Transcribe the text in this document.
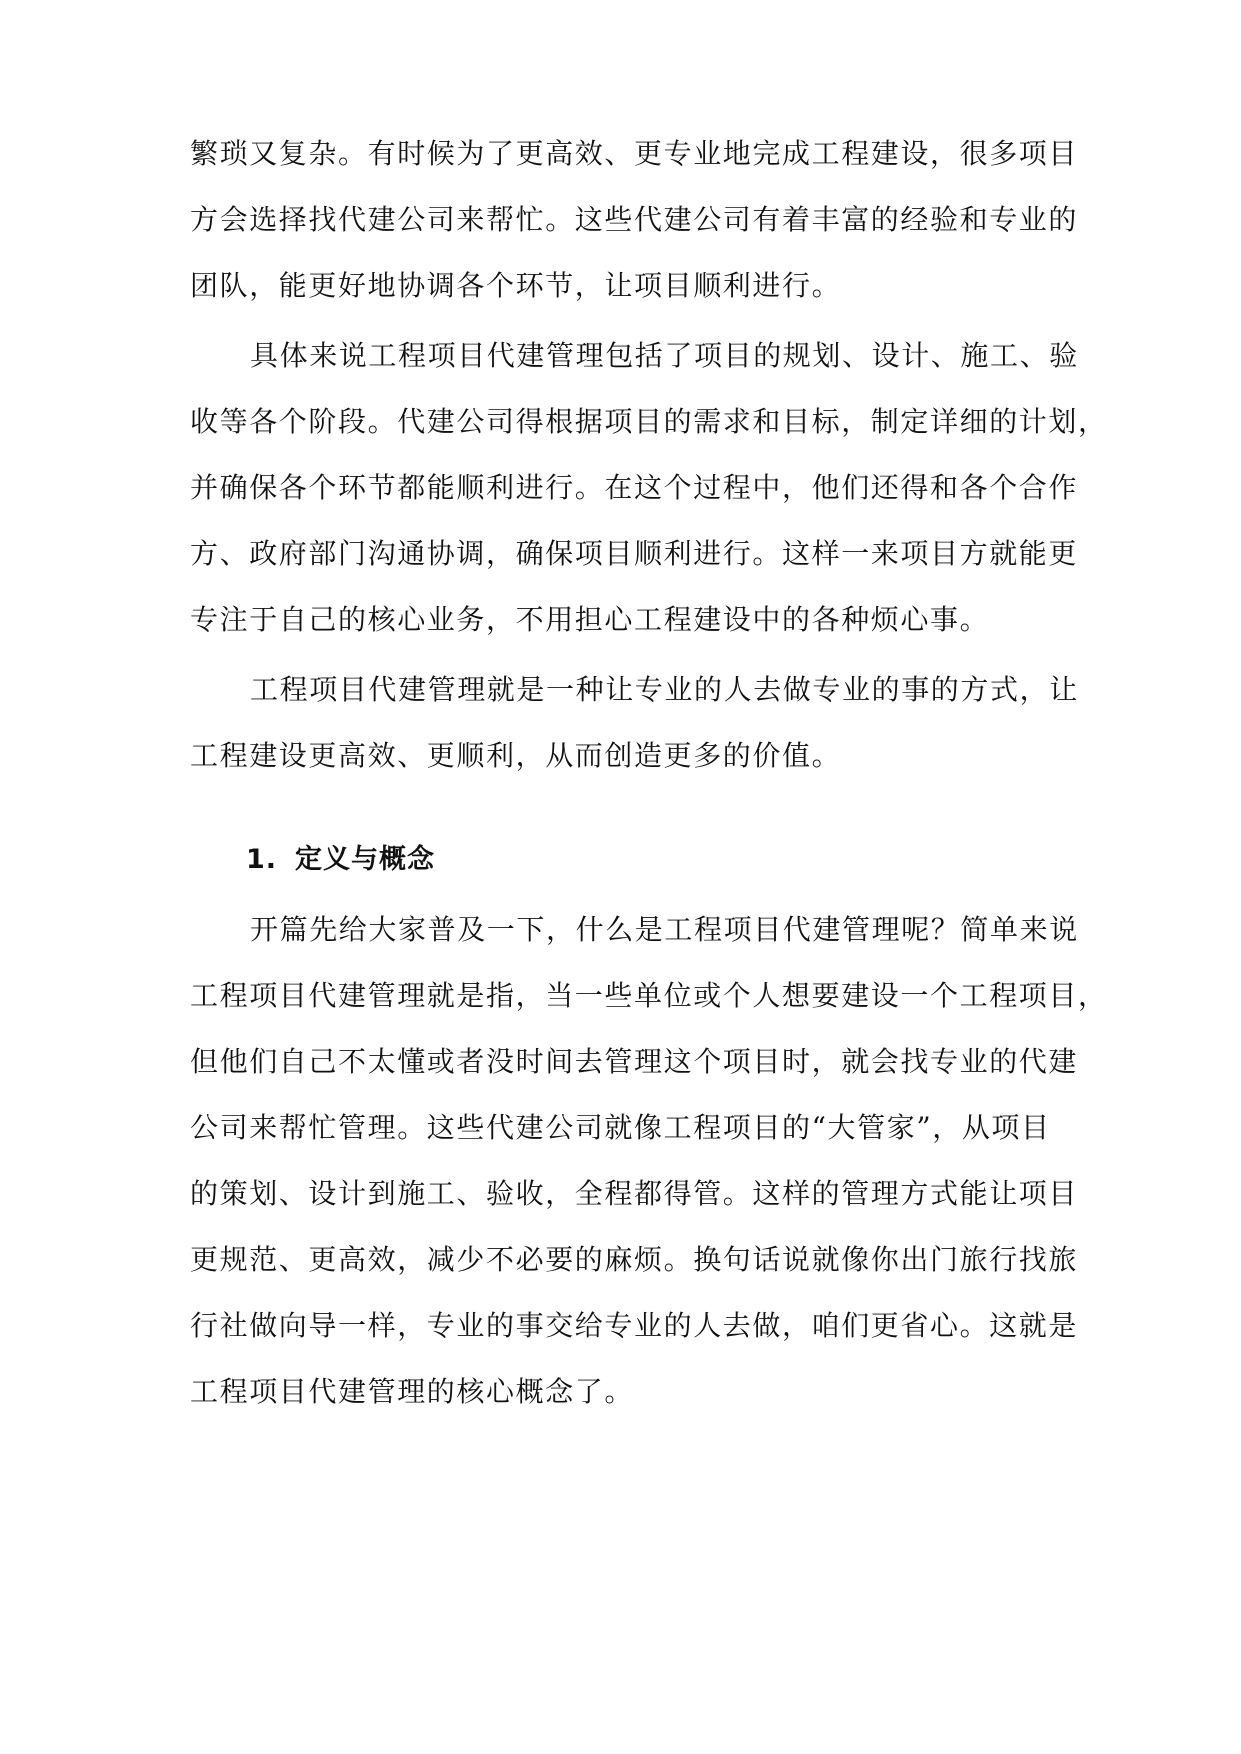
繁琐又复杂。有时候为了更高效、更专业地完成工程建设，很多项目
方会选择找代建公司来帮忙。这些代建公司有着丰富的经验和专业的
团队，能更好地协调各个环节，让项目顺利进行。
具体来说工程项目代建管理包括了项目的规划、设计、施工、验
收等各个阶段。代建公司得根据项目的需求和目标，制定详细的计划，
并确保各个环节都能顺利进行。在这个过程中，他们还得和各个合作
方、政府部门沟通协调，确保项目顺利进行。这样一来项目方就能更
专注于自己的核心业务，不用担心工程建设中的各种烦心事。
工程项目代建管理就是一种让专业的人去做专业的事的方式，让
工程建设更高效、更顺利，从而创造更多的价值。
1. 定义与概念
开篇先给大家普及一下，什么是工程项目代建管理呢？简单来说
工程项目代建管理就是指，当一些单位或个人想要建设一个工程项目，
但他们自己不太懂或者没时间去管理这个项目时，就会找专业的代建
公司来帮忙管理。这些代建公司就像工程项目的“大管家”，从项目
的策划、设计到施工、验收，全程都得管。这样的管理方式能让项目
更规范、更高效，减少不必要的麻烦。换句话说就像你出门旅行找旅
行社做向导一样，专业的事交给专业的人去做，咱们更省心。这就是
工程项目代建管理的核心概念了。
